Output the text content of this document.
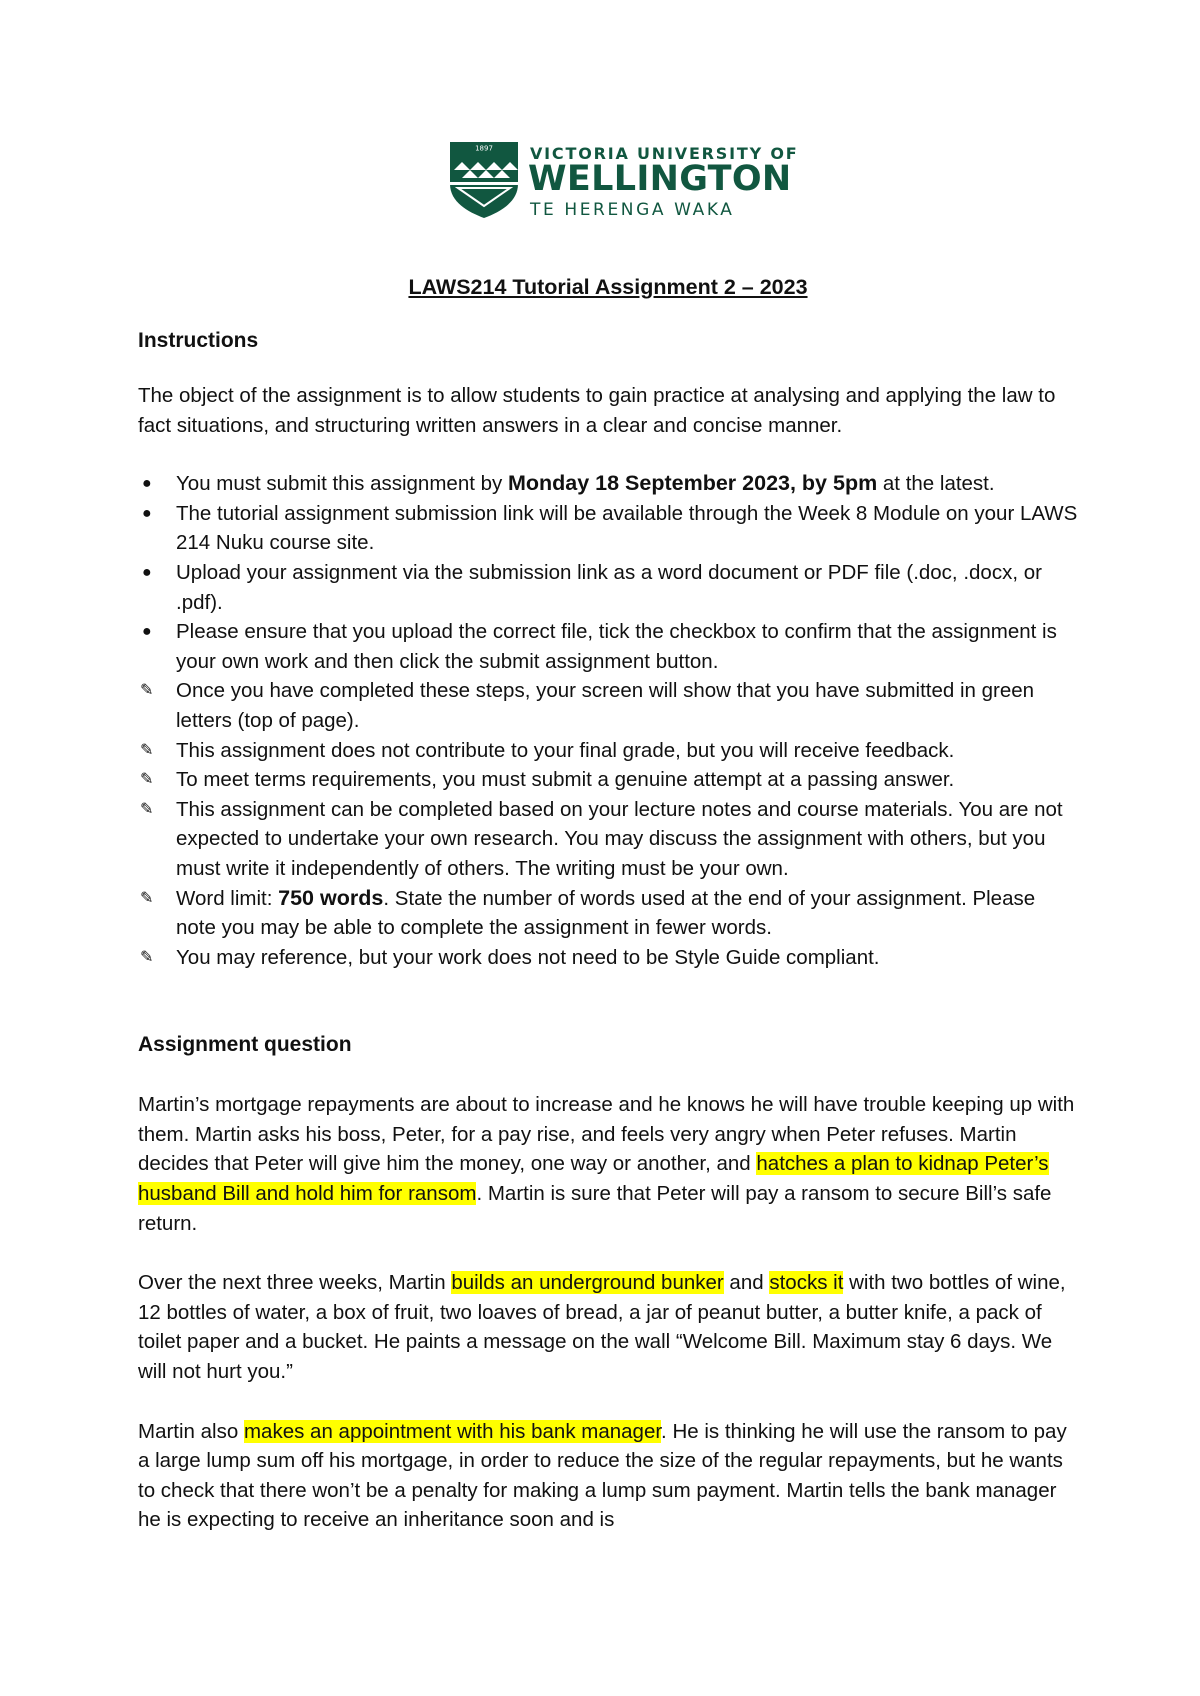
1897 VICTORIA UNIVERSITY OF
WELLINGTON
TE HERENGA WAKA
LAWS214 Tutorial Assignment 2 – 2023
Instructions

The object of the assignment is to allow students to gain practice at analysing and applying the law to fact situations, and structuring written answers in a clear and concise manner.

●	You must submit this assignment by Monday 18 September 2023, by 5pm at the latest.
●	The tutorial assignment submission link will be available through the Week 8 Module on your LAWS 214 Nuku course site.
●	Upload your assignment via the submission link as a word document or PDF file (.doc, .docx, or .pdf).
●	Please ensure that you upload the correct file, tick the checkbox to confirm that the assignment is your own work and then click the submit assignment button.
✎	Once you have completed these steps, your screen will show that you have submitted in green letters (top of page).
✎	This assignment does not contribute to your final grade, but you will receive feedback.
✎	To meet terms requirements, you must submit a genuine attempt at a passing answer.
✎	This assignment can be completed based on your lecture notes and course materials. You are not expected to undertake your own research. You may discuss the assignment with others, but you must write it independently of others. The writing must be your own.
✎	Word limit: 750 words. State the number of words used at the end of your assignment. Please note you may be able to complete the assignment in fewer words.
✎	You may reference, but your work does not need to be Style Guide compliant.
Assignment question

Martin’s mortgage repayments are about to increase and he knows he will have trouble keeping up with them. Martin asks his boss, Peter, for a pay rise, and feels very angry when Peter refuses. Martin decides that Peter will give him the money, one way or another, and hatches a plan to kidnap Peter’s husband Bill and hold him for ransom. Martin is sure that Peter will pay a ransom to secure Bill’s safe return.

Over the next three weeks, Martin builds an underground bunker and stocks it with two bottles of wine, 12 bottles of water, a box of fruit, two loaves of bread, a jar of peanut butter, a butter knife, a pack of toilet paper and a bucket. He paints a message on the wall “Welcome Bill. Maximum stay 6 days. We will not hurt you.”

Martin also makes an appointment with his bank manager. He is thinking he will use the ransom to pay a large lump sum off his mortgage, in order to reduce the size of the regular repayments, but he wants to check that there won’t be a penalty for making a lump sum payment. Martin tells the bank manager he is expecting to receive an inheritance soon and is
